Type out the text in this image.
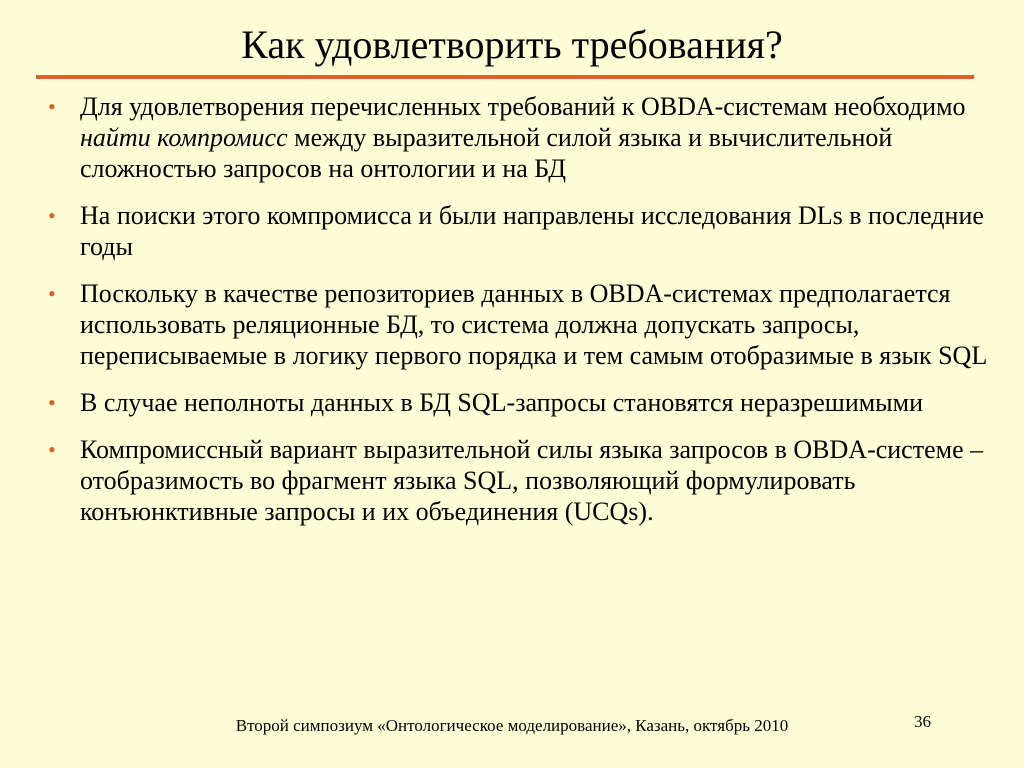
Как удовлетворить требования?
• Для удовлетворения перечисленных требований к OBDA-системам необходимо найти компромисс между выразительной силой языка и вычислительной сложностью запросов на онтологии и на БД
• На поиски этого компромисса и были направлены исследования DLs в последние годы
• Поскольку в качестве репозиториев данных в OBDA-системах предполагается использовать реляционные БД, то система должна допускать запросы, переписываемые в логику первого порядка и тем самым отобразимые в язык SQL
• В случае неполноты данных в БД SQL-запросы становятся неразрешимыми
• Компромиссный вариант выразительной силы языка запросов в OBDA-системе – отобразимость во фрагмент языка SQL, позволяющий формулировать конъюнктивные запросы и их объединения (UCQs).
Второй симпозиум «Онтологическое моделирование», Казань, октябрь 2010	36
